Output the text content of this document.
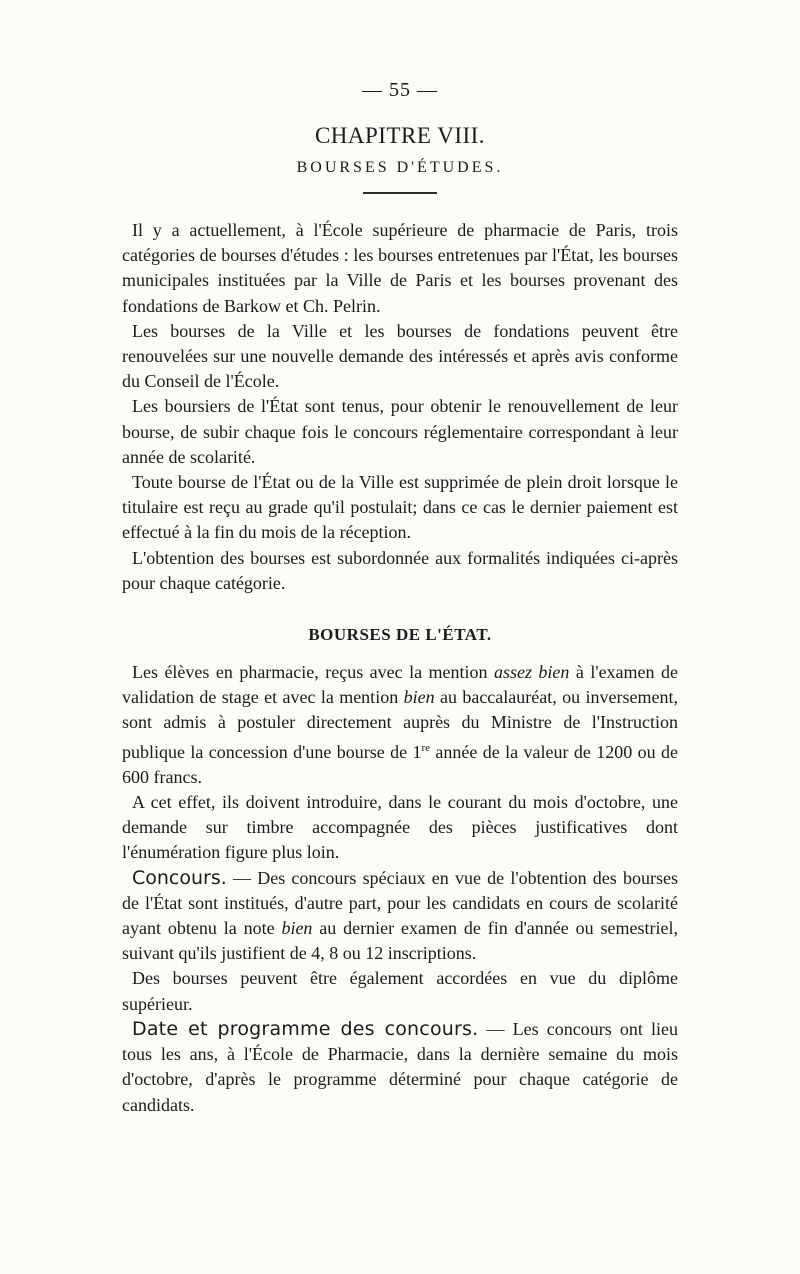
— 55 —
CHAPITRE VIII.
BOURSES D'ÉTUDES.

Il y a actuellement, à l'École supérieure de pharmacie de Paris, trois catégories de bourses d'études : les bourses entretenues par l'État, les bourses municipales instituées par la Ville de Paris et les bourses provenant des fondations de Barkow et Ch. Pelrin.

Les bourses de la Ville et les bourses de fondations peuvent être renouvelées sur une nouvelle demande des intéressés et après avis conforme du Conseil de l'École.

Les boursiers de l'État sont tenus, pour obtenir le renouvellement de leur bourse, de subir chaque fois le concours réglementaire correspondant à leur année de scolarité.

Toute bourse de l'État ou de la Ville est supprimée de plein droit lorsque le titulaire est reçu au grade qu'il postulait; dans ce cas le dernier paiement est effectué à la fin du mois de la réception.

L'obtention des bourses est subordonnée aux formalités indiquées ci-après pour chaque catégorie.

BOURSES DE L'ÉTAT.

Les élèves en pharmacie, reçus avec la mention assez bien à l'examen de validation de stage et avec la mention bien au baccalauréat, ou inversement, sont admis à postuler directement auprès du Ministre de l'Instruction publique la concession d'une bourse de 1re année de la valeur de 1200 ou de 600 francs.

A cet effet, ils doivent introduire, dans le courant du mois d'octobre, une demande sur timbre accompagnée des pièces justificatives dont l'énumération figure plus loin.

Concours. — Des concours spéciaux en vue de l'obtention des bourses de l'État sont institués, d'autre part, pour les candidats en cours de scolarité ayant obtenu la note bien au dernier examen de fin d'année ou semestriel, suivant qu'ils justifient de 4, 8 ou 12 inscriptions.

Des bourses peuvent être également accordées en vue du diplôme supérieur.

Date et programme des concours. — Les concours ont lieu tous les ans, à l'École de Pharmacie, dans la dernière semaine du mois d'octobre, d'après le programme déterminé pour chaque catégorie de candidats.
